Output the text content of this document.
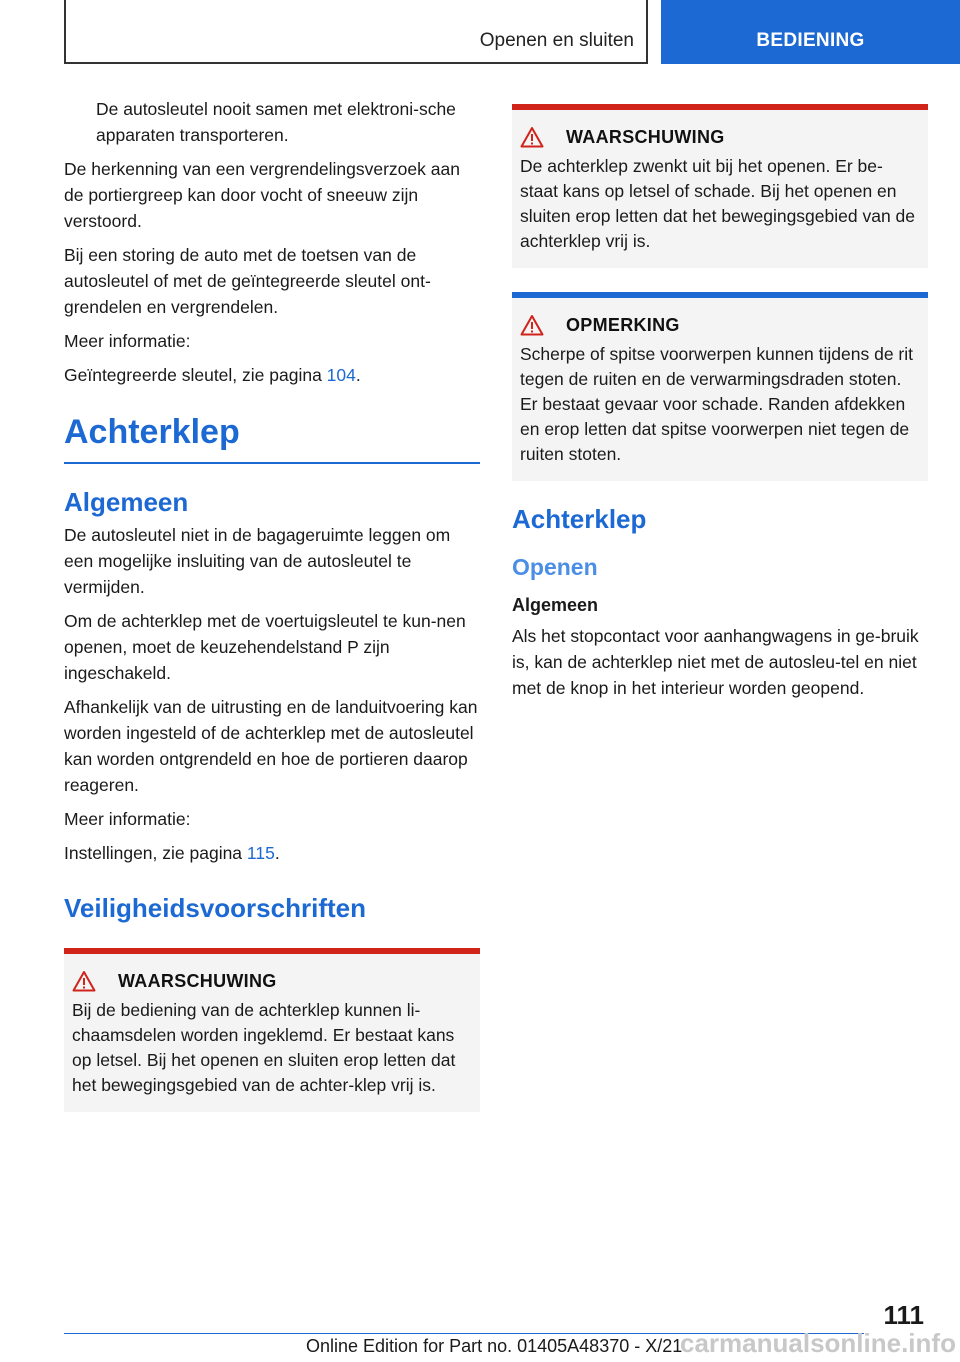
Openen en sluiten	BEDIENING

De autosleutel nooit samen met elektroni-sche apparaten transporteren.

De herkenning van een vergrendelingsverzoek aan de portiergreep kan door vocht of sneeuw zijn verstoord.

Bij een storing de auto met de toetsen van de autosleutel of met de geïntegreerde sleutel ont-grendelen en vergrendelen.

Meer informatie:

Geïntegreerde sleutel, zie pagina 104.

Achterklep
Algemeen

De autosleutel niet in de bagageruimte leggen om een mogelijke insluiting van de autosleutel te vermijden.

Om de achterklep met de voertuigsleutel te kun-nen openen, moet de keuzehendelstand P zijn ingeschakeld.

Afhankelijk van de uitrusting en de landuitvoering kan worden ingesteld of de achterklep met de autosleutel kan worden ontgrendeld en hoe de portieren daarop reageren.

Meer informatie:

Instellingen, zie pagina 115.

Veiligheidsvoorschriften
WAARSCHUWING

Bij de bediening van de achterklep kunnen li-chaamsdelen worden ingeklemd. Er bestaat kans op letsel. Bij het openen en sluiten erop letten dat het bewegingsgebied van de achter-klep vrij is.

WAARSCHUWING

De achterklep zwenkt uit bij het openen. Er be-staat kans op letsel of schade. Bij het openen en sluiten erop letten dat het bewegingsgebied van de achterklep vrij is.

OPMERKING

Scherpe of spitse voorwerpen kunnen tijdens de rit tegen de ruiten en de verwarmingsdraden stoten. Er bestaat gevaar voor schade. Randen afdekken en erop letten dat spitse voorwerpen niet tegen de ruiten stoten.

Achterklep
Openen
Algemeen

Als het stopcontact voor aanhangwagens in ge-bruik is, kan de achterklep niet met de autosleu-tel en niet met de knop in het interieur worden geopend.

111
Online Edition for Part no. 01405A48370 - X/21
carmanualsonline.info
